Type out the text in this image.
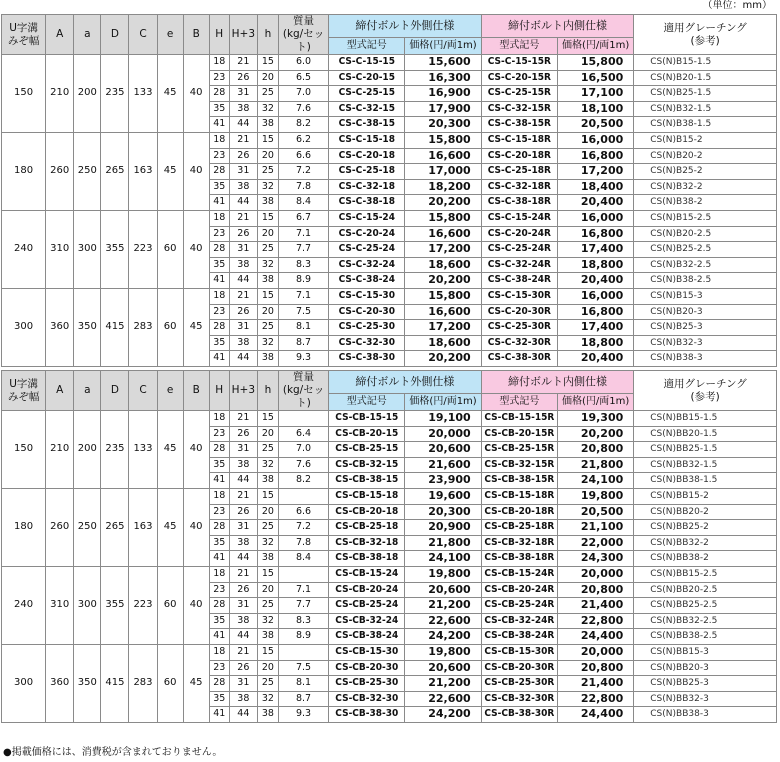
（単位：mm）
U字溝
みぞ幅	A	a	D	C	e	B	H	H+3	h	質量
(kg/セット)	締付ボルト外側仕様		締付ボルト内側仕様		適用グレーチング
(参考)
											型式記号	価格(円/両1m)	型式記号	価格(円/両1m)	
150	210	200	235	133	45	40	18	21	15	6.0	CS-C-15-15	15,600	CS-C-15-15R	15,800	CS(N)B15-1.5
							23	26	20	6.5	CS-C-20-15	16,300	CS-C-20-15R	16,500	CS(N)B20-1.5
							28	31	25	7.0	CS-C-25-15	16,900	CS-C-25-15R	17,100	CS(N)B25-1.5
							35	38	32	7.6	CS-C-32-15	17,900	CS-C-32-15R	18,100	CS(N)B32-1.5
							41	44	38	8.2	CS-C-38-15	20,300	CS-C-38-15R	20,500	CS(N)B38-1.5
180	260	250	265	163	45	40	18	21	15	6.2	CS-C-15-18	15,800	CS-C-15-18R	16,000	CS(N)B15-2
							23	26	20	6.6	CS-C-20-18	16,600	CS-C-20-18R	16,800	CS(N)B20-2
							28	31	25	7.2	CS-C-25-18	17,000	CS-C-25-18R	17,200	CS(N)B25-2
							35	38	32	7.8	CS-C-32-18	18,200	CS-C-32-18R	18,400	CS(N)B32-2
							41	44	38	8.4	CS-C-38-18	20,200	CS-C-38-18R	20,400	CS(N)B38-2
240	310	300	355	223	60	40	18	21	15	6.7	CS-C-15-24	15,800	CS-C-15-24R	16,000	CS(N)B15-2.5
							23	26	20	7.1	CS-C-20-24	16,600	CS-C-20-24R	16,800	CS(N)B20-2.5
							28	31	25	7.7	CS-C-25-24	17,200	CS-C-25-24R	17,400	CS(N)B25-2.5
							35	38	32	8.3	CS-C-32-24	18,600	CS-C-32-24R	18,800	CS(N)B32-2.5
							41	44	38	8.9	CS-C-38-24	20,200	CS-C-38-24R	20,400	CS(N)B38-2.5
300	360	350	415	283	60	45	18	21	15	7.1	CS-C-15-30	15,800	CS-C-15-30R	16,000	CS(N)B15-3
							23	26	20	7.5	CS-C-20-30	16,600	CS-C-20-30R	16,800	CS(N)B20-3
							28	31	25	8.1	CS-C-25-30	17,200	CS-C-25-30R	17,400	CS(N)B25-3
							35	38	32	8.7	CS-C-32-30	18,600	CS-C-32-30R	18,800	CS(N)B32-3
							41	44	38	9.3	CS-C-38-30	20,200	CS-C-38-30R	20,400	CS(N)B38-3
U字溝
みぞ幅	A	a	D	C	e	B	H	H+3	h	質量
(kg/セット)	締付ボルト外側仕様		締付ボルト内側仕様		適用グレーチング
(参考)
											型式記号	価格(円/両1m)	型式記号	価格(円/両1m)	
150	210	200	235	133	45	40	18	21	15		CS-CB-15-15	19,100	CS-CB-15-15R	19,300	CS(N)BB15-1.5
							23	26	20	6.4	CS-CB-20-15	20,000	CS-CB-20-15R	20,200	CS(N)BB20-1.5
							28	31	25	7.0	CS-CB-25-15	20,600	CS-CB-25-15R	20,800	CS(N)BB25-1.5
							35	38	32	7.6	CS-CB-32-15	21,600	CS-CB-32-15R	21,800	CS(N)BB32-1.5
							41	44	38	8.2	CS-CB-38-15	23,900	CS-CB-38-15R	24,100	CS(N)BB38-1.5
180	260	250	265	163	45	40	18	21	15		CS-CB-15-18	19,600	CS-CB-15-18R	19,800	CS(N)BB15-2
							23	26	20	6.6	CS-CB-20-18	20,300	CS-CB-20-18R	20,500	CS(N)BB20-2
							28	31	25	7.2	CS-CB-25-18	20,900	CS-CB-25-18R	21,100	CS(N)BB25-2
							35	38	32	7.8	CS-CB-32-18	21,800	CS-CB-32-18R	22,000	CS(N)BB32-2
							41	44	38	8.4	CS-CB-38-18	24,100	CS-CB-38-18R	24,300	CS(N)BB38-2
240	310	300	355	223	60	40	18	21	15		CS-CB-15-24	19,800	CS-CB-15-24R	20,000	CS(N)BB15-2.5
							23	26	20	7.1	CS-CB-20-24	20,600	CS-CB-20-24R	20,800	CS(N)BB20-2.5
							28	31	25	7.7	CS-CB-25-24	21,200	CS-CB-25-24R	21,400	CS(N)BB25-2.5
							35	38	32	8.3	CS-CB-32-24	22,600	CS-CB-32-24R	22,800	CS(N)BB32-2.5
							41	44	38	8.9	CS-CB-38-24	24,200	CS-CB-38-24R	24,400	CS(N)BB38-2.5
300	360	350	415	283	60	45	18	21	15		CS-CB-15-30	19,800	CS-CB-15-30R	20,000	CS(N)BB15-3
							23	26	20	7.5	CS-CB-20-30	20,600	CS-CB-20-30R	20,800	CS(N)BB20-3
							28	31	25	8.1	CS-CB-25-30	21,200	CS-CB-25-30R	21,400	CS(N)BB25-3
							35	38	32	8.7	CS-CB-32-30	22,600	CS-CB-32-30R	22,800	CS(N)BB32-3
							41	44	38	9.3	CS-CB-38-30	24,200	CS-CB-38-30R	24,400	CS(N)BB38-3
●掲載価格には、消費税が含まれておりません。
